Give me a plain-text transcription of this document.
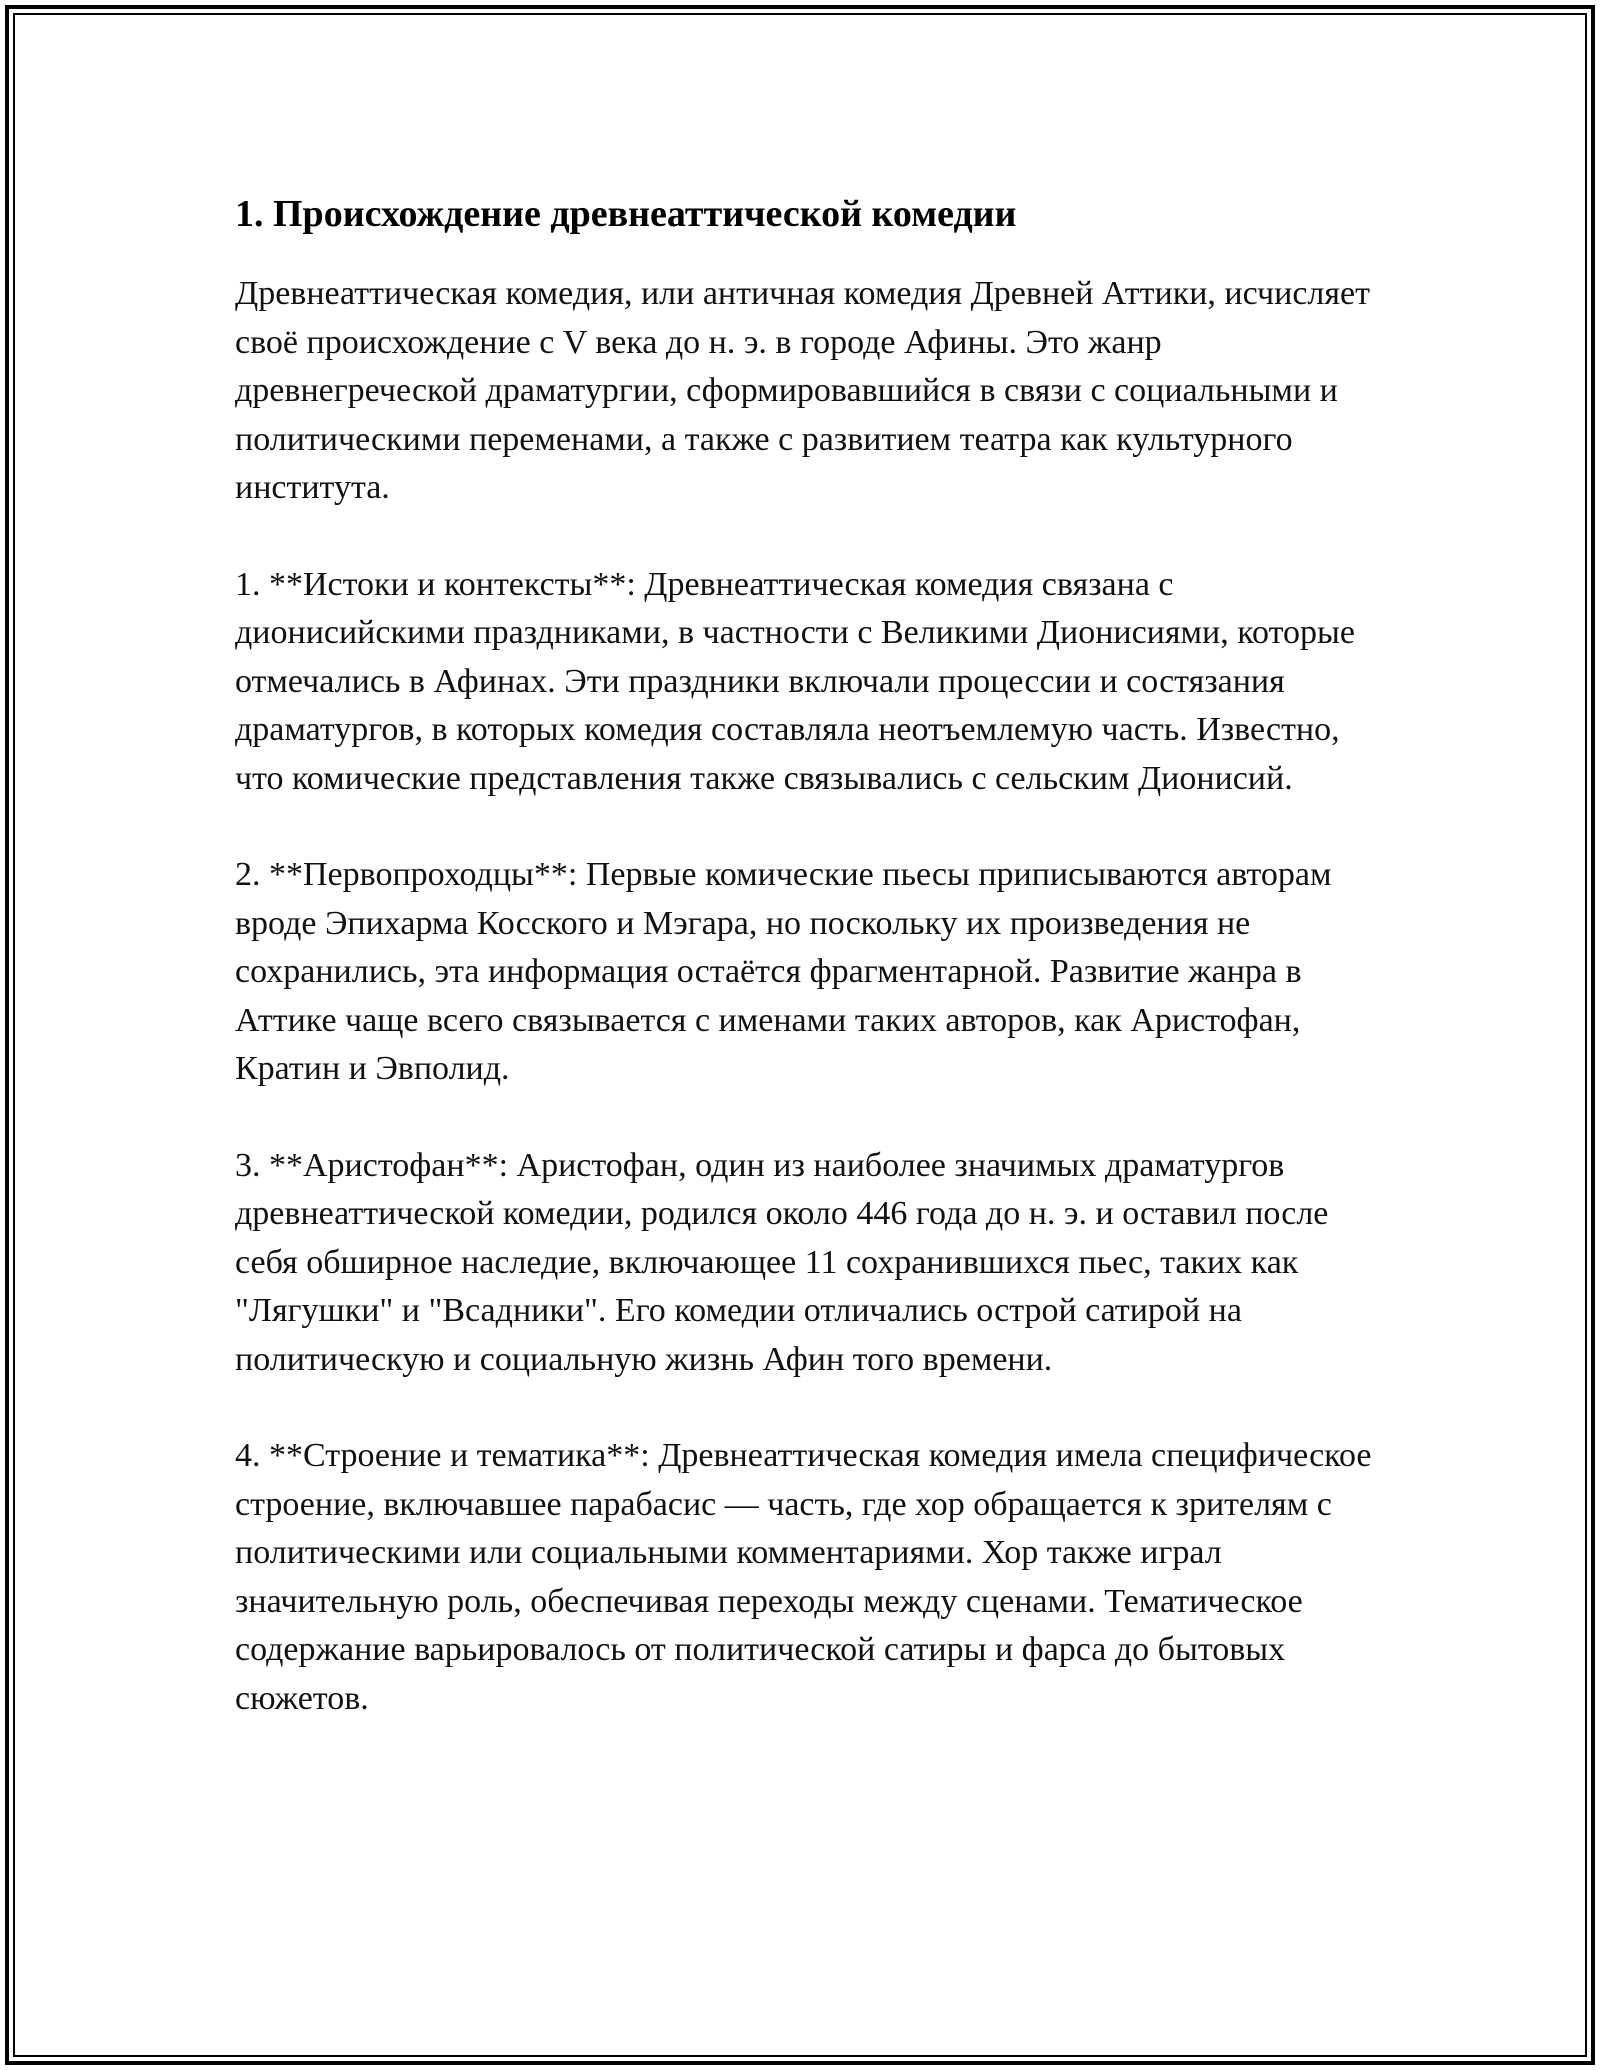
1. Происхождение древнеаттической комедии

Древнеаттическая комедия, или античная комедия Древней Аттики, исчисляет своё происхождение с V века до н. э. в городе Афины. Это жанр древнегреческой драматургии, сформировавшийся в связи с социальными и политическими переменами, а также с развитием театра как культурного института.

1. **Истоки и контексты**: Древнеаттическая комедия связана с дионисийскими праздниками, в частности с Великими Дионисиями, которые отмечались в Афинах. Эти праздники включали процессии и состязания драматургов, в которых комедия составляла неотъемлемую часть. Известно, что комические представления также связывались с сельским Дионисий.

2. **Первопроходцы**: Первые комические пьесы приписываются авторам вроде Эпихарма Косского и Мэгара, но поскольку их произведения не сохранились, эта информация остаётся фрагментарной. Развитие жанра в Аттике чаще всего связывается с именами таких авторов, как Аристофан, Кратин и Эвполид.

3. **Аристофан**: Аристофан, один из наиболее значимых драматургов древнеаттической комедии, родился около 446 года до н. э. и оставил после себя обширное наследие, включающее 11 сохранившихся пьес, таких как "Лягушки" и "Всадники". Его комедии отличались острой сатирой на политическую и социальную жизнь Афин того времени.

4. **Строение и тематика**: Древнеаттическая комедия имела специфическое строение, включавшее парабасис — часть, где хор обращается к зрителям с политическими или социальными комментариями. Хор также играл значительную роль, обеспечивая переходы между сценами. Тематическое содержание варьировалось от политической сатиры и фарса до бытовых сюжетов.
